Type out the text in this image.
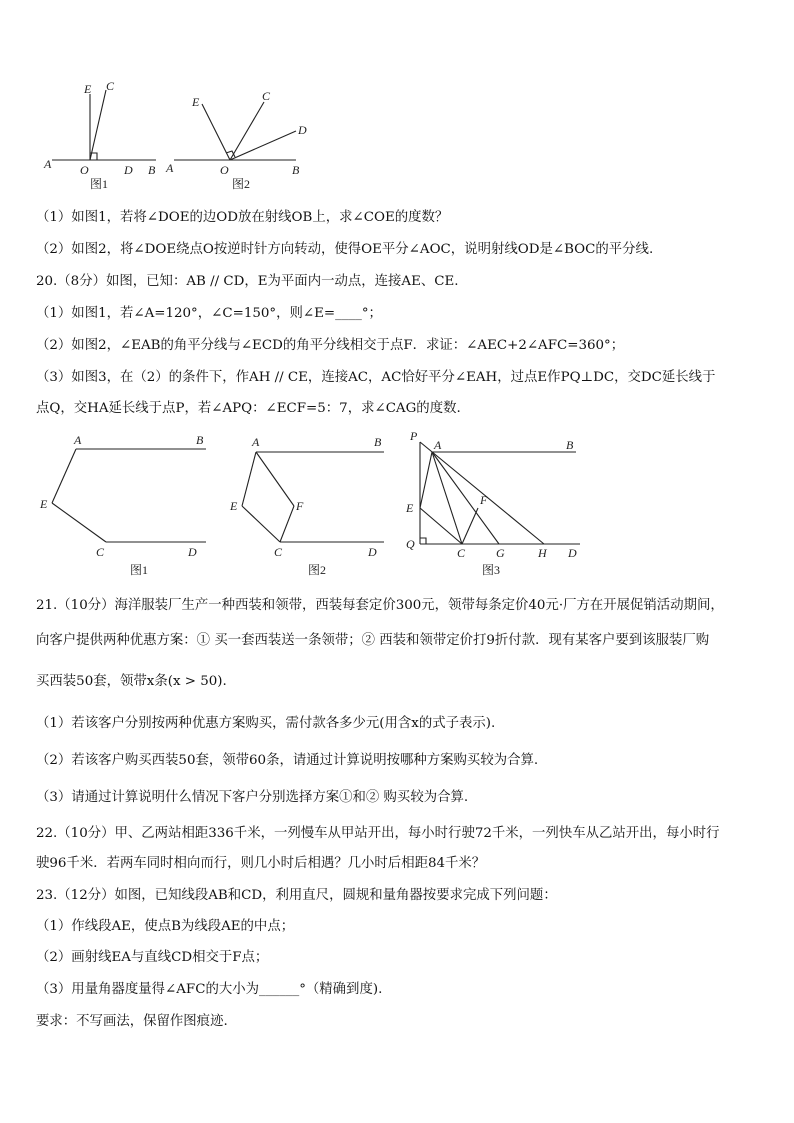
E C
A O	D B
图1
E	C
D
A	O	B
图2
（1）如图1，若将∠DOE的边OD放在射线OB上，求∠COE的度数？
（2）如图2，将∠DOE绕点O按逆时针方向转动，使得OE平分∠AOC，说明射线OD是∠BOC的平分线.
20.（8分）如图，已知：AB // CD，E为平面内一动点，连接AE、CE.
（1）如图1，若∠A=120°，∠C=150°，则∠E=____°；
（2）如图2，∠EAB的角平分线与∠ECD的角平分线相交于点F．求证：∠AEC+2∠AFC=360°；
（3）如图3，在（2）的条件下，作AH // CE，连接AC，AC恰好平分∠EAH，过点E作PQ⊥DC，交DC延长线于
点Q，交HA延长线于点P，若∠APQ：∠ECF=5：7，求∠CAG的度数.
A	B
E
C	D
图1
A	B
E	F
C	D
图2
P
A	B
F
E
Q
C	G	H D
图3
21.（10分）海洋服装厂生产一种西装和领带，西装每套定价300元，领带每条定价40元·厂方在开展促销活动期间，
向客户提供两种优惠方案：① 买一套西装送一条领带；② 西装和领带定价打9折付款．现有某客户要到该服装厂购
买西装50套，领带x条(x > 50).
（1）若该客户分别按两种优惠方案购买，需付款各多少元(用含x的式子表示).
（2）若该客户购买西装50套，领带60条，请通过计算说明按哪种方案购买较为合算.
（3）请通过计算说明什么情况下客户分别选择方案①和② 购买较为合算.
22.（10分）甲、乙两站相距336千米，一列慢车从甲站开出，每小时行驶72千米，一列快车从乙站开出，每小时行
驶96千米．若两车同时相向而行，则几小时后相遇？几小时后相距84千米？
23.（12分）如图，已知线段AB和CD，利用直尺，圆规和量角器按要求完成下列问题：
（1）作线段AE，使点B为线段AE的中点；
（2）画射线EA与直线CD相交于F点；
（3）用量角器度量得∠AFC的大小为______°（精确到度).
要求：不写画法，保留作图痕迹.
